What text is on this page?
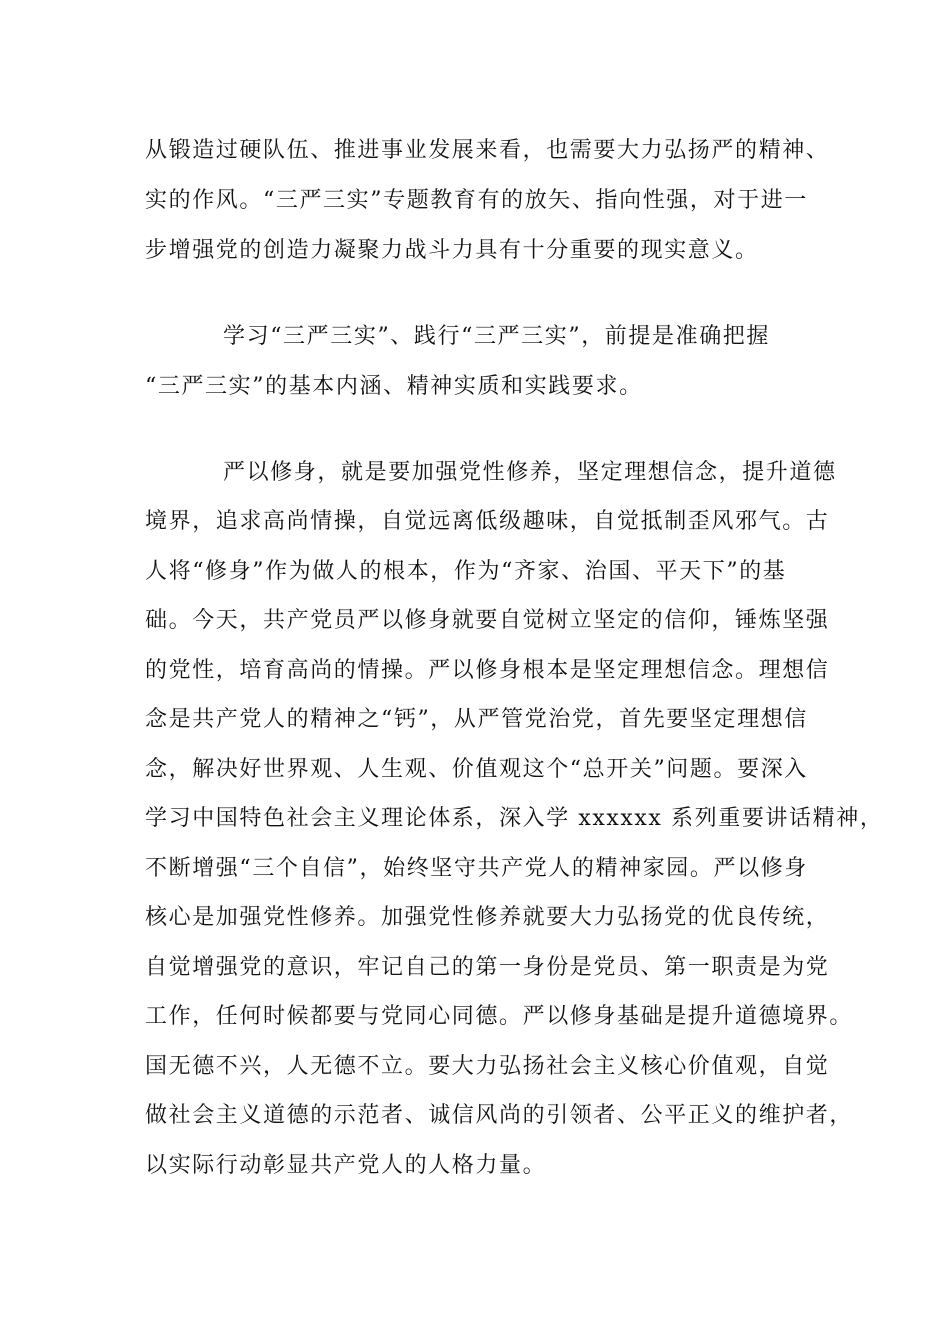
从锻造过硬队伍、推进事业发展来看，也需要大力弘扬严的精神、
实的作风。“三严三实”专题教育有的放矢、指向性强，对于进一
步增强党的创造力凝聚力战斗力具有十分重要的现实意义。
学习“三严三实”、践行“三严三实”，前提是准确把握
“三严三实”的基本内涵、精神实质和实践要求。
严以修身，就是要加强党性修养，坚定理想信念，提升道德
境界，追求高尚情操，自觉远离低级趣味，自觉抵制歪风邪气。古
人将“修身”作为做人的根本，作为“齐家、治国、平天下”的基
础。今天，共产党员严以修身就要自觉树立坚定的信仰，锤炼坚强
的党性，培育高尚的情操。严以修身根本是坚定理想信念。理想信
念是共产党人的精神之“钙”，从严管党治党，首先要坚定理想信
念，解决好世界观、人生观、价值观这个“总开关”问题。要深入
学习中国特色社会主义理论体系，深入学 xxxxxx 系列重要讲话精神，
不断增强“三个自信”，始终坚守共产党人的精神家园。严以修身
核心是加强党性修养。加强党性修养就要大力弘扬党的优良传统，
自觉增强党的意识，牢记自己的第一身份是党员、第一职责是为党
工作，任何时候都要与党同心同德。严以修身基础是提升道德境界。
国无德不兴，人无德不立。要大力弘扬社会主义核心价值观，自觉
做社会主义道德的示范者、诚信风尚的引领者、公平正义的维护者，
以实际行动彰显共产党人的人格力量。
